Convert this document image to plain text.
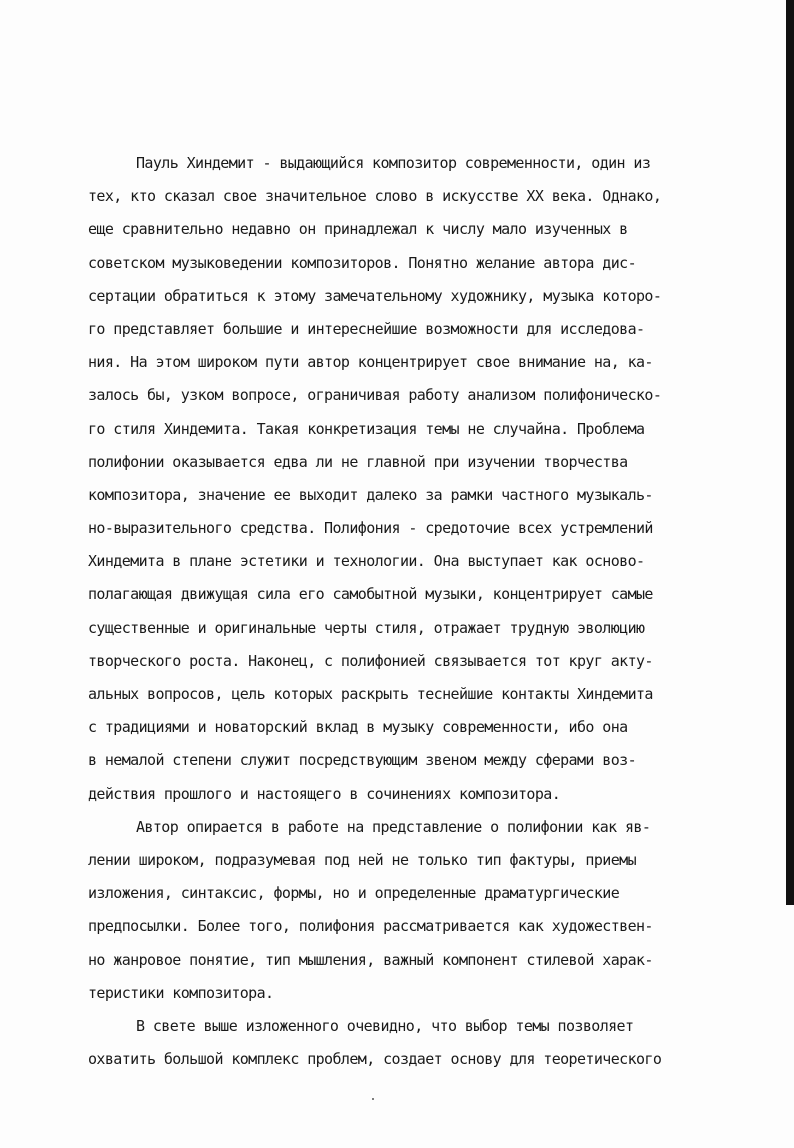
Пауль Хиндемит - выдающийся композитор современности, один из
тех, кто сказал свое значительное слово в искусстве XX века. Однако,
еще сравнительно недавно он принадлежал к числу мало изученных в
советском музыковедении композиторов. Понятно желание автора дис-
сертации обратиться к этому замечательному художнику, музыка которо-
го представляет большие и интереснейшие возможности для исследова-
ния. На этом широком пути автор концентрирует свое внимание на, ка-
залось бы, узком вопросе, ограничивая работу анализом полифоническо-
го стиля Хиндемита. Такая конкретизация темы не случайна. Проблема
полифонии оказывается едва ли не главной при изучении творчества
композитора, значение ее выходит далеко за рамки частного музыкаль-
но-выразительного средства. Полифония - средоточие всех устремлений
Хиндемита в плане эстетики и технологии. Она выступает как осново-
полагающая движущая сила его самобытной музыки, концентрирует самые
существенные и оригинальные черты стиля, отражает трудную эволюцию
творческого роста. Наконец, с полифонией связывается тот круг акту-
альных вопросов, цель которых раскрыть теснейшие контакты Хиндемита
с традициями и новаторский вклад в музыку современности, ибо она
в немалой степени служит посредствующим звеном между сферами воз-
действия прошлого и настоящего в сочинениях композитора.
Автор опирается в работе на представление о полифонии как яв-
лении широком, подразумевая под ней не только тип фактуры, приемы
изложения, синтаксис, формы, но и определенные драматургические
предпосылки. Более того, полифония рассматривается как художествен-
но жанровое понятие, тип мышления, важный компонент стилевой харак-
теристики композитора.
В свете выше изложенного очевидно, что выбор темы позволяет
охватить большой комплекс проблем, создает основу для теоретического
